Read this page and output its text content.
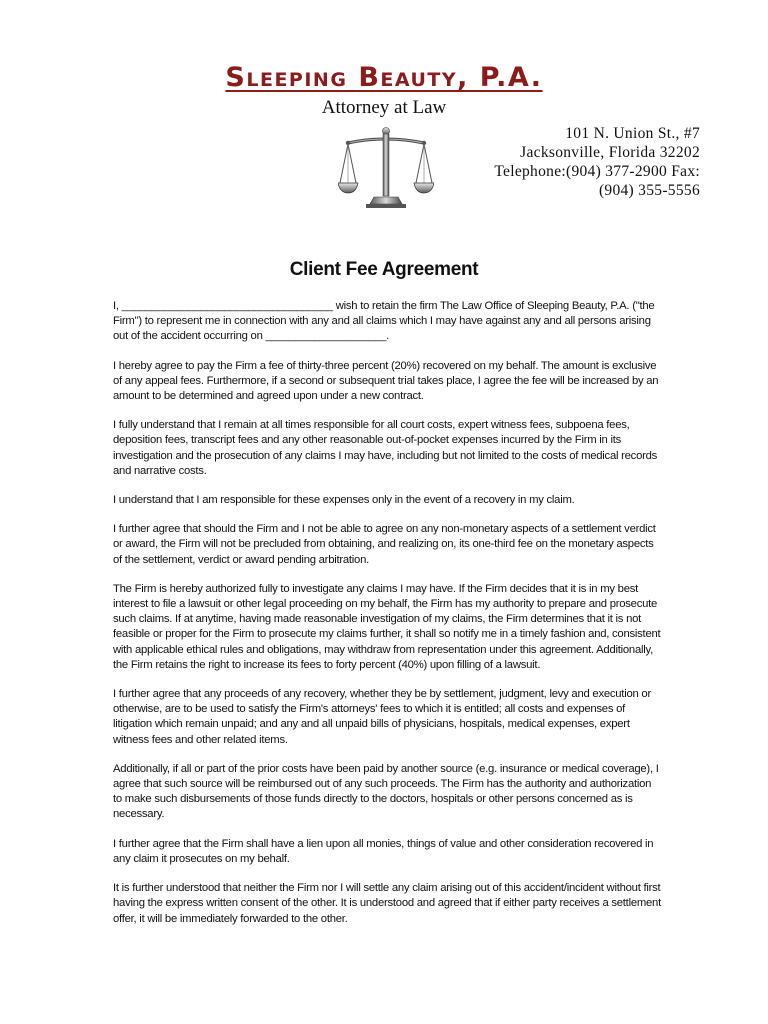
Sleeping Beauty, P.A.
Attorney at Law
101 N. Union St., #7
Jacksonville, Florida 32202
Telephone:(904) 377-2900 Fax:
(904) 355-5556
Client Fee Agreement

I, ___________________________________ wish to retain the firm The Law Office of Sleeping Beauty, P.A. ("the Firm") to represent me in connection with any and all claims which I may have against any and all persons arising out of the accident occurring on ____________________.

I hereby agree to pay the Firm a fee of thirty-three percent (20%) recovered on my behalf. The amount is exclusive of any appeal fees. Furthermore, if a second or subsequent trial takes place, I agree the fee will be increased by an amount to be determined and agreed upon under a new contract.

I fully understand that I remain at all times responsible for all court costs, expert witness fees, subpoena fees, deposition fees, transcript fees and any other reasonable out-of-pocket expenses incurred by the Firm in its investigation and the prosecution of any claims I may have, including but not limited to the costs of medical records and narrative costs.

I understand that I am responsible for these expenses only in the event of a recovery in my claim.

I further agree that should the Firm and I not be able to agree on any non-monetary aspects of a settlement verdict or award, the Firm will not be precluded from obtaining, and realizing on, its one-third fee on the monetary aspects of the settlement, verdict or award pending arbitration.

The Firm is hereby authorized fully to investigate any claims I may have. If the Firm decides that it is in my best interest to file a lawsuit or other legal proceeding on my behalf, the Firm has my authority to prepare and prosecute such claims. If at anytime, having made reasonable investigation of my claims, the Firm determines that it is not feasible or proper for the Firm to prosecute my claims further, it shall so notify me in a timely fashion and, consistent with applicable ethical rules and obligations, may withdraw from representation under this agreement. Additionally, the Firm retains the right to increase its fees to forty percent (40%) upon filling of a lawsuit.

I further agree that any proceeds of any recovery, whether they be by settlement, judgment, levy and execution or otherwise, are to be used to satisfy the Firm's attorneys' fees to which it is entitled; all costs and expenses of litigation which remain unpaid; and any and all unpaid bills of physicians, hospitals, medical expenses, expert witness fees and other related items.

Additionally, if all or part of the prior costs have been paid by another source (e.g. insurance or medical coverage), I agree that such source will be reimbursed out of any such proceeds. The Firm has the authority and authorization to make such disbursements of those funds directly to the doctors, hospitals or other persons concerned as is necessary.

I further agree that the Firm shall have a lien upon all monies, things of value and other consideration recovered in any claim it prosecutes on my behalf.

It is further understood that neither the Firm nor I will settle any claim arising out of this accident/incident without first having the express written consent of the other. It is understood and agreed that if either party receives a settlement offer, it will be immediately forwarded to the other.
